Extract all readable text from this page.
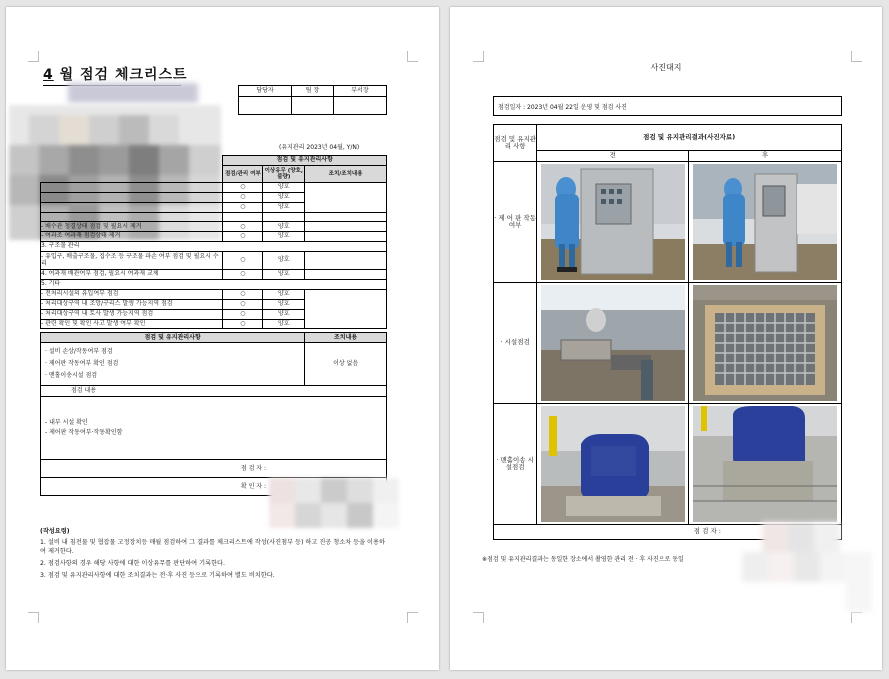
4 월 점검 체크리스트
담당자	팀 장	부서장

(유지관리 2023년 04월, Y/N)
	점검 및 유지관리사항		
	점검/관리 여부	이상유무 (양호, 불량)	조치/조치내용
	○	양호	
	○	양호	
	○	양호	

- 배수관 청결상태 점검 및 필요시 제거	○	양호	
- 여과조 여과재 점검상태 제거	○	양호	
3. 구조물 관리			
- 유입구, 배출구조물, 집수조 등 구조물 파손 여부 점검 및 필요시 수리	○	양호	
4. 여과재 배관여부 점검, 필요시 여과재 교체	○	양호	
5. 기타			
- 전처리시설의 유입여부 점검	○	양호	
- 처리대상구역 내 조망/구리스 발생 가능지역 점검	○	양호	
- 처리대상구역 내 토사 발생 가능지역 점검	○	양호	
- 관련 확인 및 확인 사고 발생 여부 확인	○	양호	

점검 및 유지관리사항			조치내용

· 설비 손상/작동여부 점검
· 제어판 작동여부 확인 점검
· 맨홀이송시설 점검			이상 없음
점검 내용			

- 내부 시설 확인
- 제어판 작동여부·작동확인함			

점 검 자 :			
확 인 자 :			
(작성요령)
1. 설비 내 침전물 및 협잡물 고정장치등 매월 점검하여 그 결과를 체크리스트에 작성(사진첨부 등) 하고 진공 청소차 등을 이용하여 제거한다.
2. 점검사항의 경우 해당 사항에 대한 이상유무를 판단하여 기록한다.
3. 점검 및 유지관리사항에 대한 조치결과는 전·후 사진 등으로 기록하여 별도 비치한다.
사진대지
점검일자 : 2023년 04월 22일 운영 및 점검 사진
점검 및 유지관리 사항	점검 및 유지관리결과(사진자료)	
	전	후
· 제 어 판 작동여부	

· 시설점검	

· 맨홀이송 시설점검	

점 검 자 :		
※점검 및 유지관리결과는 동일한 장소에서 촬영한 관리 전 · 후 사진으로 동일
